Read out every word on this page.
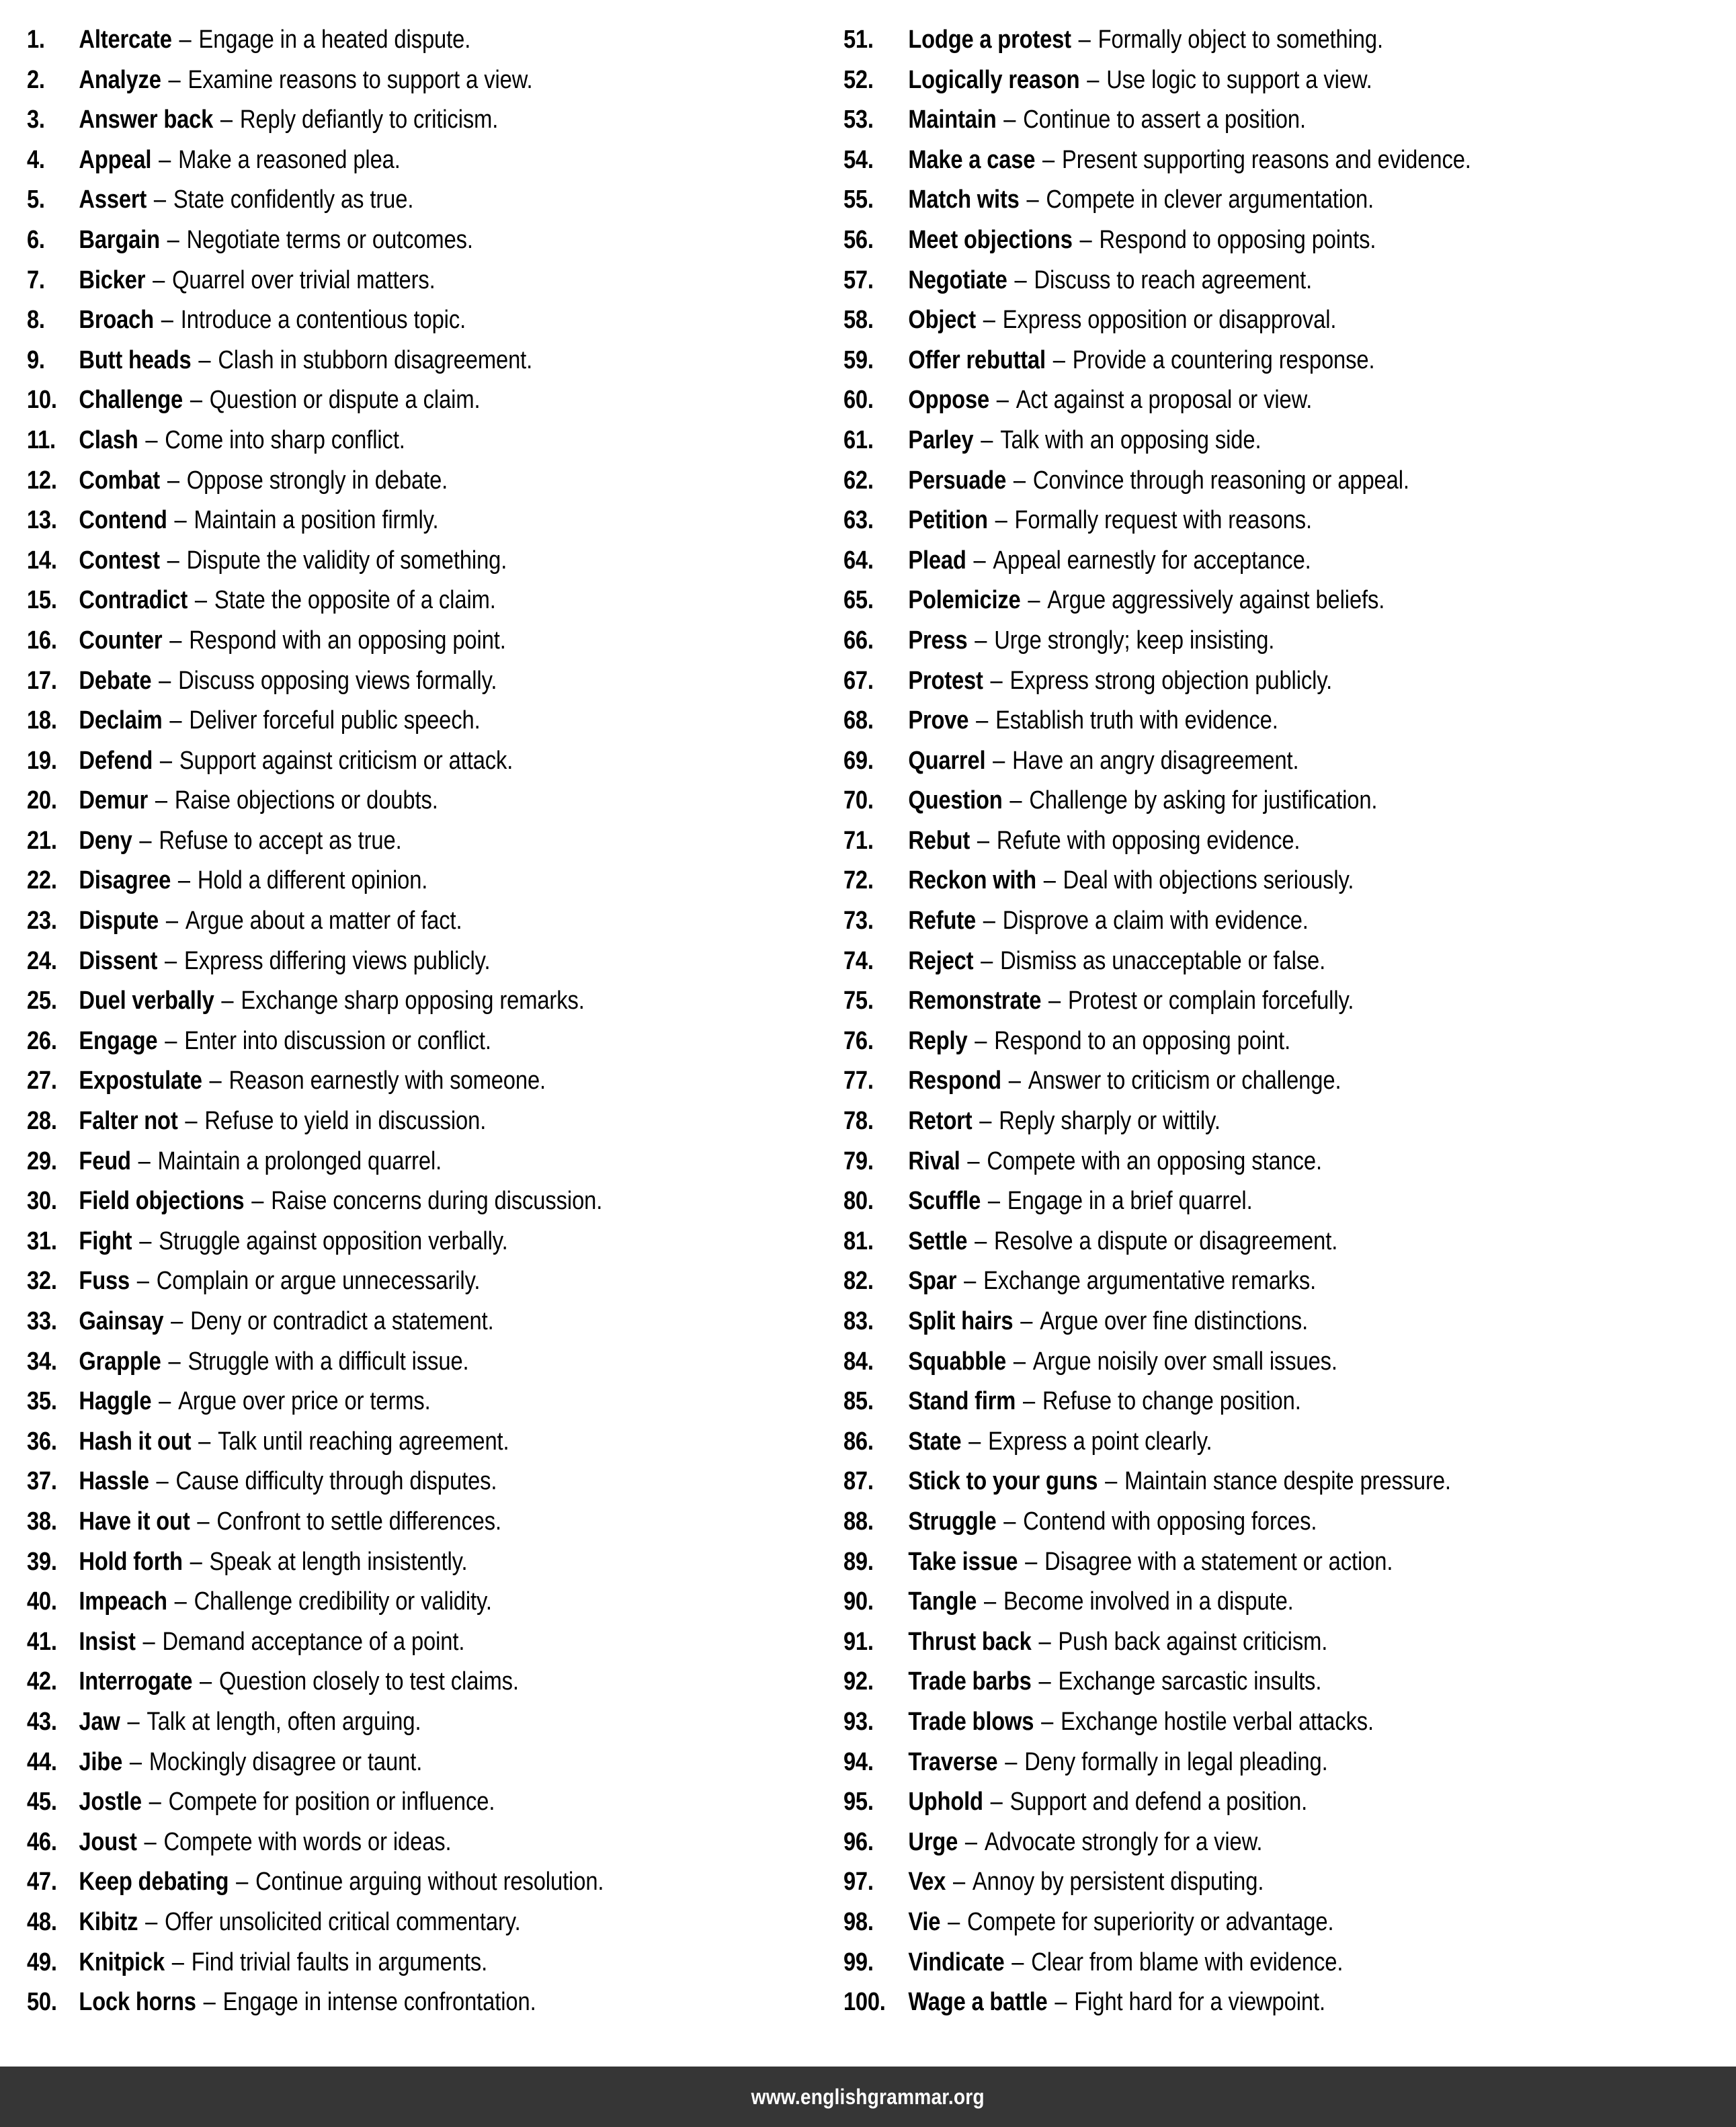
1.	Altercate – Engage in a heated dispute.
2.	Analyze – Examine reasons to support a view.
3.	Answer back – Reply defiantly to criticism.
4.	Appeal – Make a reasoned plea.
5.	Assert – State confidently as true.
6.	Bargain – Negotiate terms or outcomes.
7.	Bicker – Quarrel over trivial matters.
8.	Broach – Introduce a contentious topic.
9.	Butt heads – Clash in stubborn disagreement.
10. Challenge – Question or dispute a claim.
11. Clash – Come into sharp conflict.
12. Combat – Oppose strongly in debate.
13. Contend – Maintain a position firmly.
14. Contest – Dispute the validity of something.
15. Contradict – State the opposite of a claim.
16. Counter – Respond with an opposing point.
17. Debate – Discuss opposing views formally.
18. Declaim – Deliver forceful public speech.
19. Defend – Support against criticism or attack.
20. Demur – Raise objections or doubts.
21. Deny – Refuse to accept as true.
22. Disagree – Hold a different opinion.
23. Dispute – Argue about a matter of fact.
24. Dissent – Express differing views publicly.
25. Duel verbally – Exchange sharp opposing remarks.
26. Engage – Enter into discussion or conflict.
27. Expostulate – Reason earnestly with someone.
28. Falter not – Refuse to yield in discussion.
29. Feud – Maintain a prolonged quarrel.
30. Field objections – Raise concerns during discussion.
31. Fight – Struggle against opposition verbally.
32. Fuss – Complain or argue unnecessarily.
33. Gainsay – Deny or contradict a statement.
34. Grapple – Struggle with a difficult issue.
35. Haggle – Argue over price or terms.
36. Hash it out – Talk until reaching agreement.
37. Hassle – Cause difficulty through disputes.
38. Have it out – Confront to settle differences.
39. Hold forth – Speak at length insistently.
40. Impeach – Challenge credibility or validity.
41. Insist – Demand acceptance of a point.
42. Interrogate – Question closely to test claims.
43. Jaw – Talk at length, often arguing.
44. Jibe – Mockingly disagree or taunt.
45. Jostle – Compete for position or influence.
46. Joust – Compete with words or ideas.
47. Keep debating – Continue arguing without resolution.
48. Kibitz – Offer unsolicited critical commentary.
49. Knitpick – Find trivial faults in arguments.
50. Lock horns – Engage in intense confrontation.
51.	Lodge a protest – Formally object to something.
52.	Logically reason – Use logic to support a view.
53.	Maintain – Continue to assert a position.
54.	Make a case – Present supporting reasons and evidence.
55.	Match wits – Compete in clever argumentation.
56.	Meet objections – Respond to opposing points.
57.	Negotiate – Discuss to reach agreement.
58.	Object – Express opposition or disapproval.
59.	Offer rebuttal – Provide a countering response.
60.	Oppose – Act against a proposal or view.
61.	Parley – Talk with an opposing side.
62.	Persuade – Convince through reasoning or appeal.
63.	Petition – Formally request with reasons.
64.	Plead – Appeal earnestly for acceptance.
65.	Polemicize – Argue aggressively against beliefs.
66.	Press – Urge strongly; keep insisting.
67.	Protest – Express strong objection publicly.
68.	Prove – Establish truth with evidence.
69.	Quarrel – Have an angry disagreement.
70.	Question – Challenge by asking for justification.
71.	Rebut – Refute with opposing evidence.
72.	Reckon with – Deal with objections seriously.
73.	Refute – Disprove a claim with evidence.
74.	Reject – Dismiss as unacceptable or false.
75.	Remonstrate – Protest or complain forcefully.
76.	Reply – Respond to an opposing point.
77.	Respond – Answer to criticism or challenge.
78.	Retort – Reply sharply or wittily.
79.	Rival – Compete with an opposing stance.
80.	Scuffle – Engage in a brief quarrel.
81.	Settle – Resolve a dispute or disagreement.
82.	Spar – Exchange argumentative remarks.
83.	Split hairs – Argue over fine distinctions.
84.	Squabble – Argue noisily over small issues.
85.	Stand firm – Refuse to change position.
86.	State – Express a point clearly.
87.	Stick to your guns – Maintain stance despite pressure.
88.	Struggle – Contend with opposing forces.
89.	Take issue – Disagree with a statement or action.
90.	Tangle – Become involved in a dispute.
91.	Thrust back – Push back against criticism.
92.	Trade barbs – Exchange sarcastic insults.
93.	Trade blows – Exchange hostile verbal attacks.
94.	Traverse – Deny formally in legal pleading.
95.	Uphold – Support and defend a position.
96.	Urge – Advocate strongly for a view.
97.	Vex – Annoy by persistent disputing.
98.	Vie – Compete for superiority or advantage.
99.	Vindicate – Clear from blame with evidence.
100. Wage a battle – Fight hard for a viewpoint.
www.englishgrammar.org
